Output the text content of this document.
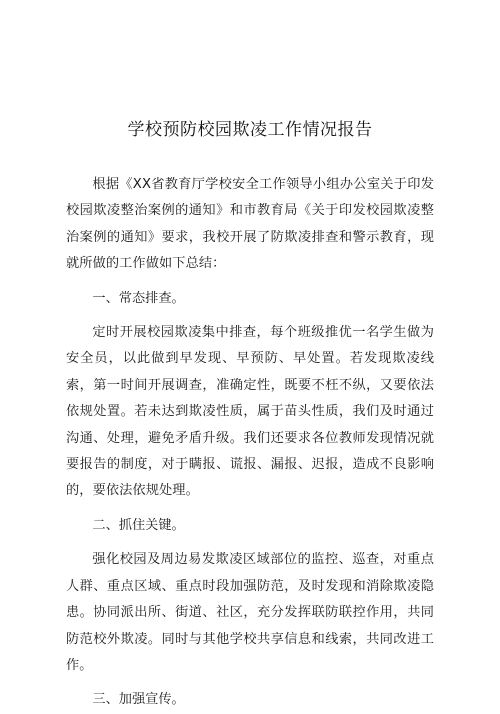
学校预防校园欺凌工作情况报告

根据《XX省教育厅学校安全工作领导小组办公室关于印发校园欺凌整治案例的通知》和市教育局《关于印发校园欺凌整治案例的通知》要求，我校开展了防欺凌排查和警示教育，现就所做的工作做如下总结：

一、常态排查。

定时开展校园欺凌集中排查，每个班级推优一名学生做为安全员，以此做到早发现、早预防、早处置。若发现欺凌线索，第一时间开展调查，准确定性，既要不枉不纵，又要依法依规处置。若未达到欺凌性质，属于苗头性质，我们及时通过沟通、处理，避免矛盾升级。我们还要求各位教师发现情况就要报告的制度，对于瞒报、谎报、漏报、迟报，造成不良影响的，要依法依规处理。

二、抓住关键。

强化校园及周边易发欺凌区域部位的监控、巡查，对重点人群、重点区域、重点时段加强防范，及时发现和消除欺凌隐患。协同派出所、街道、社区，充分发挥联防联控作用，共同防范校外欺凌。同时与其他学校共享信息和线索，共同改进工作。

三、加强宣传。
